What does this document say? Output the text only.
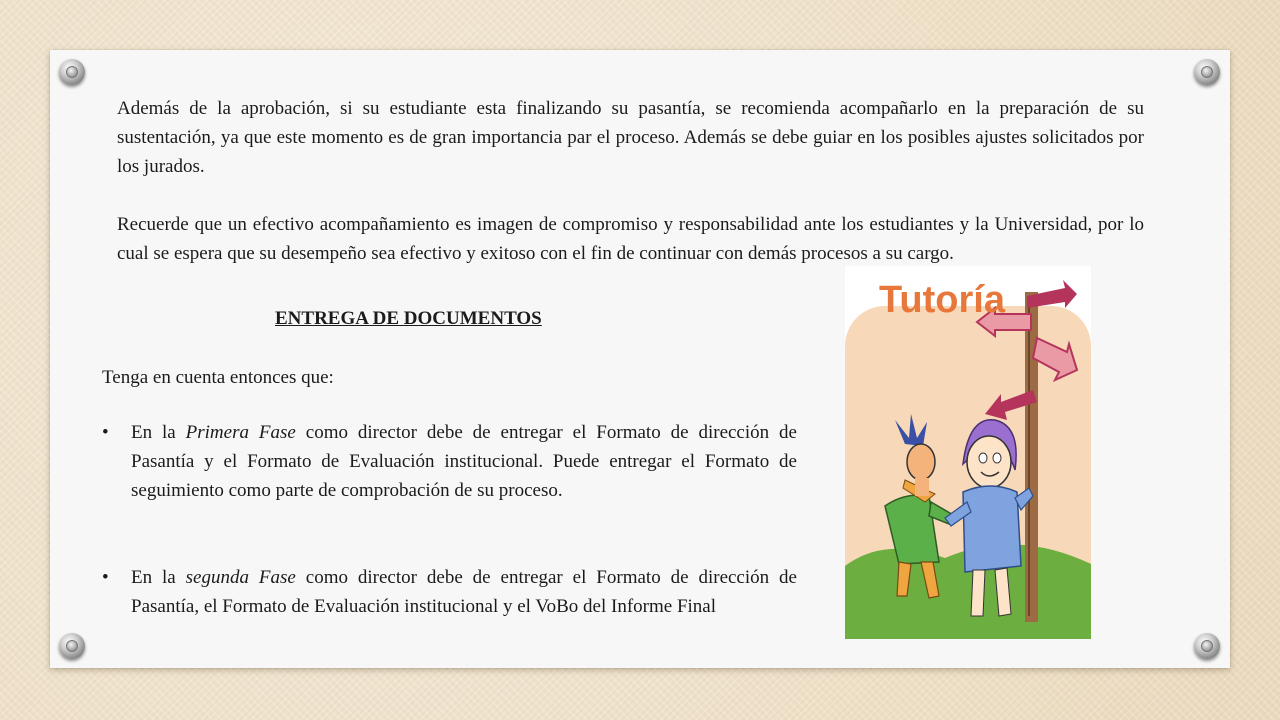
Además de la aprobación, si su estudiante esta finalizando su pasantía, se recomienda acompañarlo en la preparación de su sustentación, ya que este momento es de gran importancia par el proceso. Además se debe guiar en los posibles ajustes solicitados por los jurados.

Recuerde que un efectivo acompañamiento es imagen de compromiso y responsabilidad ante los estudiantes y la Universidad, por lo cual se espera que su desempeño sea efectivo y exitoso con el fin de continuar con demás procesos a su cargo.

ENTREGA DE DOCUMENTOS

Tenga en cuenta entonces que:

• En la Primera Fase como director debe de entregar el Formato de dirección de Pasantía y el Formato de Evaluación institucional. Puede entregar el Formato de seguimiento como parte de comprobación de su proceso.
• En la segunda Fase como director debe de entregar el Formato de dirección de Pasantía, el Formato de Evaluación institucional y el VoBo del Informe Final
Tutoría
